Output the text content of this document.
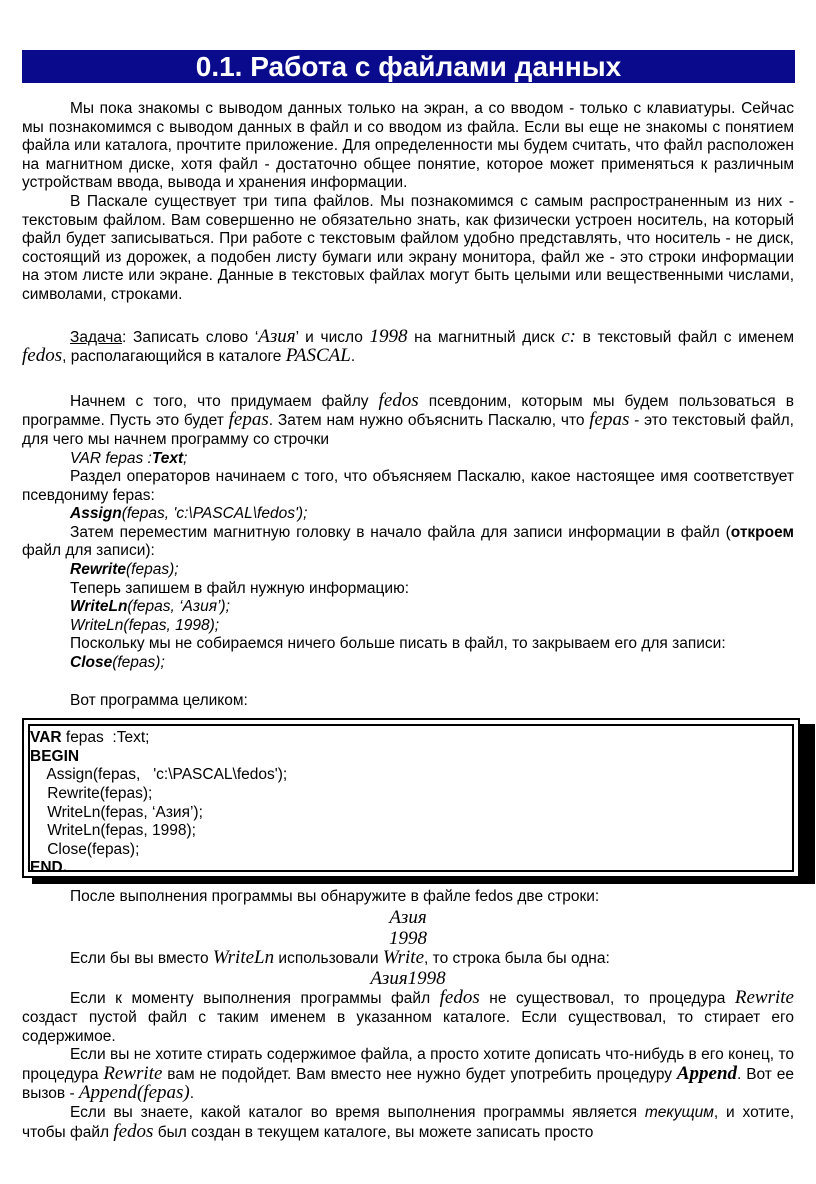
0.1. Работа с файлами данных

Мы пока знакомы с выводом данных только на экран, а со вводом - только с клавиатуры. Сейчас мы познакомимся с выводом данных в файл и со вводом из файла. Если вы еще не знакомы с понятием файла или каталога, прочтите приложение. Для определенности мы будем считать, что файл расположен на магнитном диске, хотя файл - достаточно общее понятие, которое может применяться к различным устройствам ввода, вывода и хранения информации.

В Паскале существует три типа файлов. Мы познакомимся с самым распространенным из них - текстовым файлом. Вам совершенно не обязательно знать, как физически устроен носитель, на который файл будет записываться. При работе с текстовым файлом удобно представлять, что носитель - не диск, состоящий из дорожек, а подобен листу бумаги или экрану монитора, файл же - это строки информации на этом листе или экране. Данные в текстовых файлах могут быть целыми или вещественными числами, символами, строками.

Задача: Записать слово ‘Азия’ и число 1998 на магнитный диск с: в текстовый файл с именем fedos, располагающийся в каталоге PASCAL.

Начнем с того, что придумаем файлу fedos псевдоним, которым мы будем пользоваться в программе. Пусть это будет fepas. Затем нам нужно объяснить Паскалю, что fepas - это текстовый файл, для чего мы начнем программу со строчки

VAR fepas :Text;

Раздел операторов начинаем с того, что объясняем Паскалю, какое настоящее имя соответствует псевдониму fepas:

Assign(fepas, 'c:\PASCAL\fedos');

Затем переместим магнитную головку в начало файла для записи информации в файл (откроем файл для записи):

Rewrite(fepas);

Теперь запишем в файл нужную информацию:

WriteLn(fepas, ‘Азия’);

WriteLn(fepas, 1998);

Поскольку мы не собираемся ничего больше писать в файл, то закрываем его для записи:

Close(fepas);

Вот программа целиком:

VAR fepas  :Text;
BEGIN
Assign(fepas,   'c:\PASCAL\fedos');
Rewrite(fepas);
WriteLn(fepas, ‘Азия’);
WriteLn(fepas, 1998);
Close(fepas);
END.

После выполнения программы вы обнаружите в файле fedos две строки:

Азия

1998

Если бы вы вместо WriteLn использовали Write, то строка была бы одна:

Азия1998

Если к моменту выполнения программы файл fedos не существовал, то процедура Rewrite создаст пустой файл с таким именем в указанном каталоге. Если существовал, то стирает его содержимое.

Если вы не хотите стирать содержимое файла, а просто хотите дописать что-нибудь в его конец, то процедура Rewrite вам не подойдет. Вам вместо нее нужно будет употребить процедуру Append. Вот ее вызов - Append(fepas).

Если вы знаете, какой каталог во время выполнения программы является текущим, и хотите, чтобы файл fedos был создан в текущем каталоге, вы можете записать просто
